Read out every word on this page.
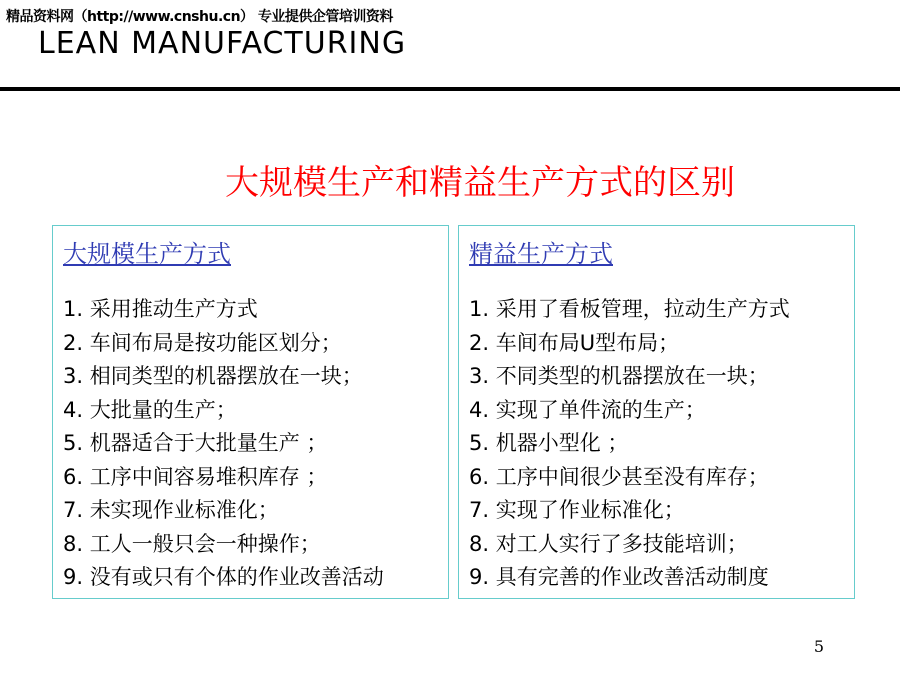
精品资料网（http://www.cnshu.cn） 专业提供企管培训资料
LEAN MANUFACTURING
大规模生产和精益生产方式的区别
大规模生产方式
1. 采用推动生产方式
2. 车间布局是按功能区划分；
3. 相同类型的机器摆放在一块；
4. 大批量的生产；
5. 机器适合于大批量生产 ；
6. 工序中间容易堆积库存 ；
7. 未实现作业标准化；
8. 工人一般只会一种操作；
9. 没有或只有个体的作业改善活动
精益生产方式
1. 采用了看板管理，拉动生产方式
2. 车间布局U型布局；
3. 不同类型的机器摆放在一块；
4. 实现了单件流的生产；
5. 机器小型化 ；
6. 工序中间很少甚至没有库存；
7. 实现了作业标准化；
8. 对工人实行了多技能培训；
9. 具有完善的作业改善活动制度
5
